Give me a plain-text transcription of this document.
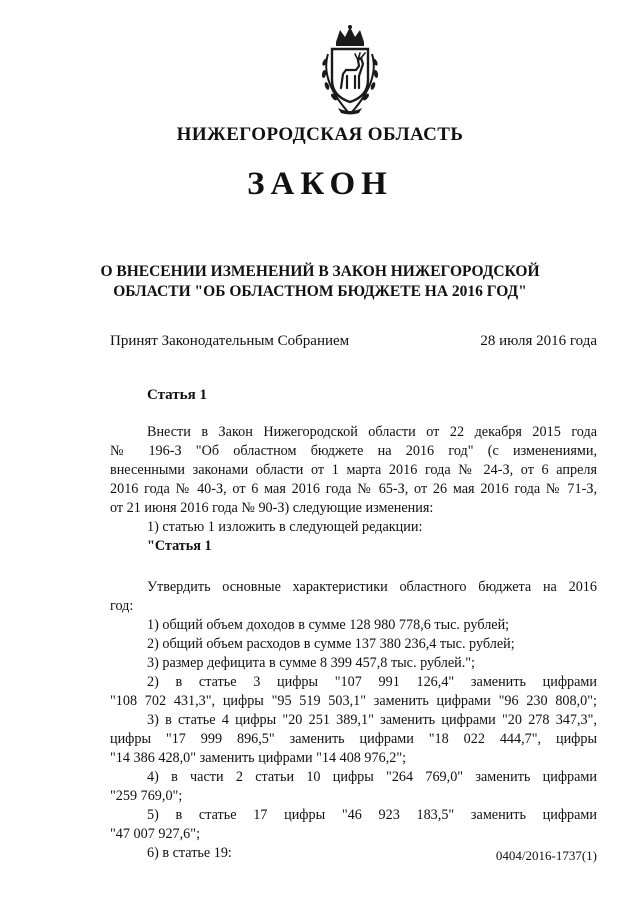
НИЖЕГОРОДСКАЯ ОБЛАСТЬ
ЗАКОН
О ВНЕСЕНИИ ИЗМЕНЕНИЙ В ЗАКОН НИЖЕГОРОДСКОЙ
ОБЛАСТИ "ОБ ОБЛАСТНОМ БЮДЖЕТЕ НА 2016 ГОД"
Принят Законодательным Собранием	28 июля 2016 года
Статья 1

Внести в Закон Нижегородской области от 22 декабря 2015 года

№ 196-З "Об областном бюджете на 2016 год" (с изменениями,

внесенными законами области от 1 марта 2016 года № 24-З, от 6 апреля

2016 года № 40-З, от 6 мая 2016 года № 65-З, от 26 мая 2016 года № 71-З,

от 21 июня 2016 года № 90-З) следующие изменения:

1) статью 1 изложить в следующей редакции:

"Статья 1

Утвердить основные характеристики областного бюджета на 2016

год:

1) общий объем доходов в сумме 128 980 778,6 тыс. рублей;

2) общий объем расходов в сумме 137 380 236,4 тыс. рублей;

3) размер дефицита в сумме 8 399 457,8 тыс. рублей.";

2) в статье 3 цифры "107 991 126,4" заменить цифрами

"108 702 431,3", цифры "95 519 503,1" заменить цифрами "96 230 808,0";

3) в статье 4 цифры "20 251 389,1" заменить цифрами "20 278 347,3",

цифры "17 999 896,5" заменить цифрами "18 022 444,7", цифры

"14 386 428,0" заменить цифрами "14 408 976,2";

4) в части 2 статьи 10 цифры "264 769,0" заменить цифрами

"259 769,0";

5) в статье 17 цифры "46 923 183,5" заменить цифрами

"47 007 927,6";

6) в статье 19:	0404/2016-1737(1)
